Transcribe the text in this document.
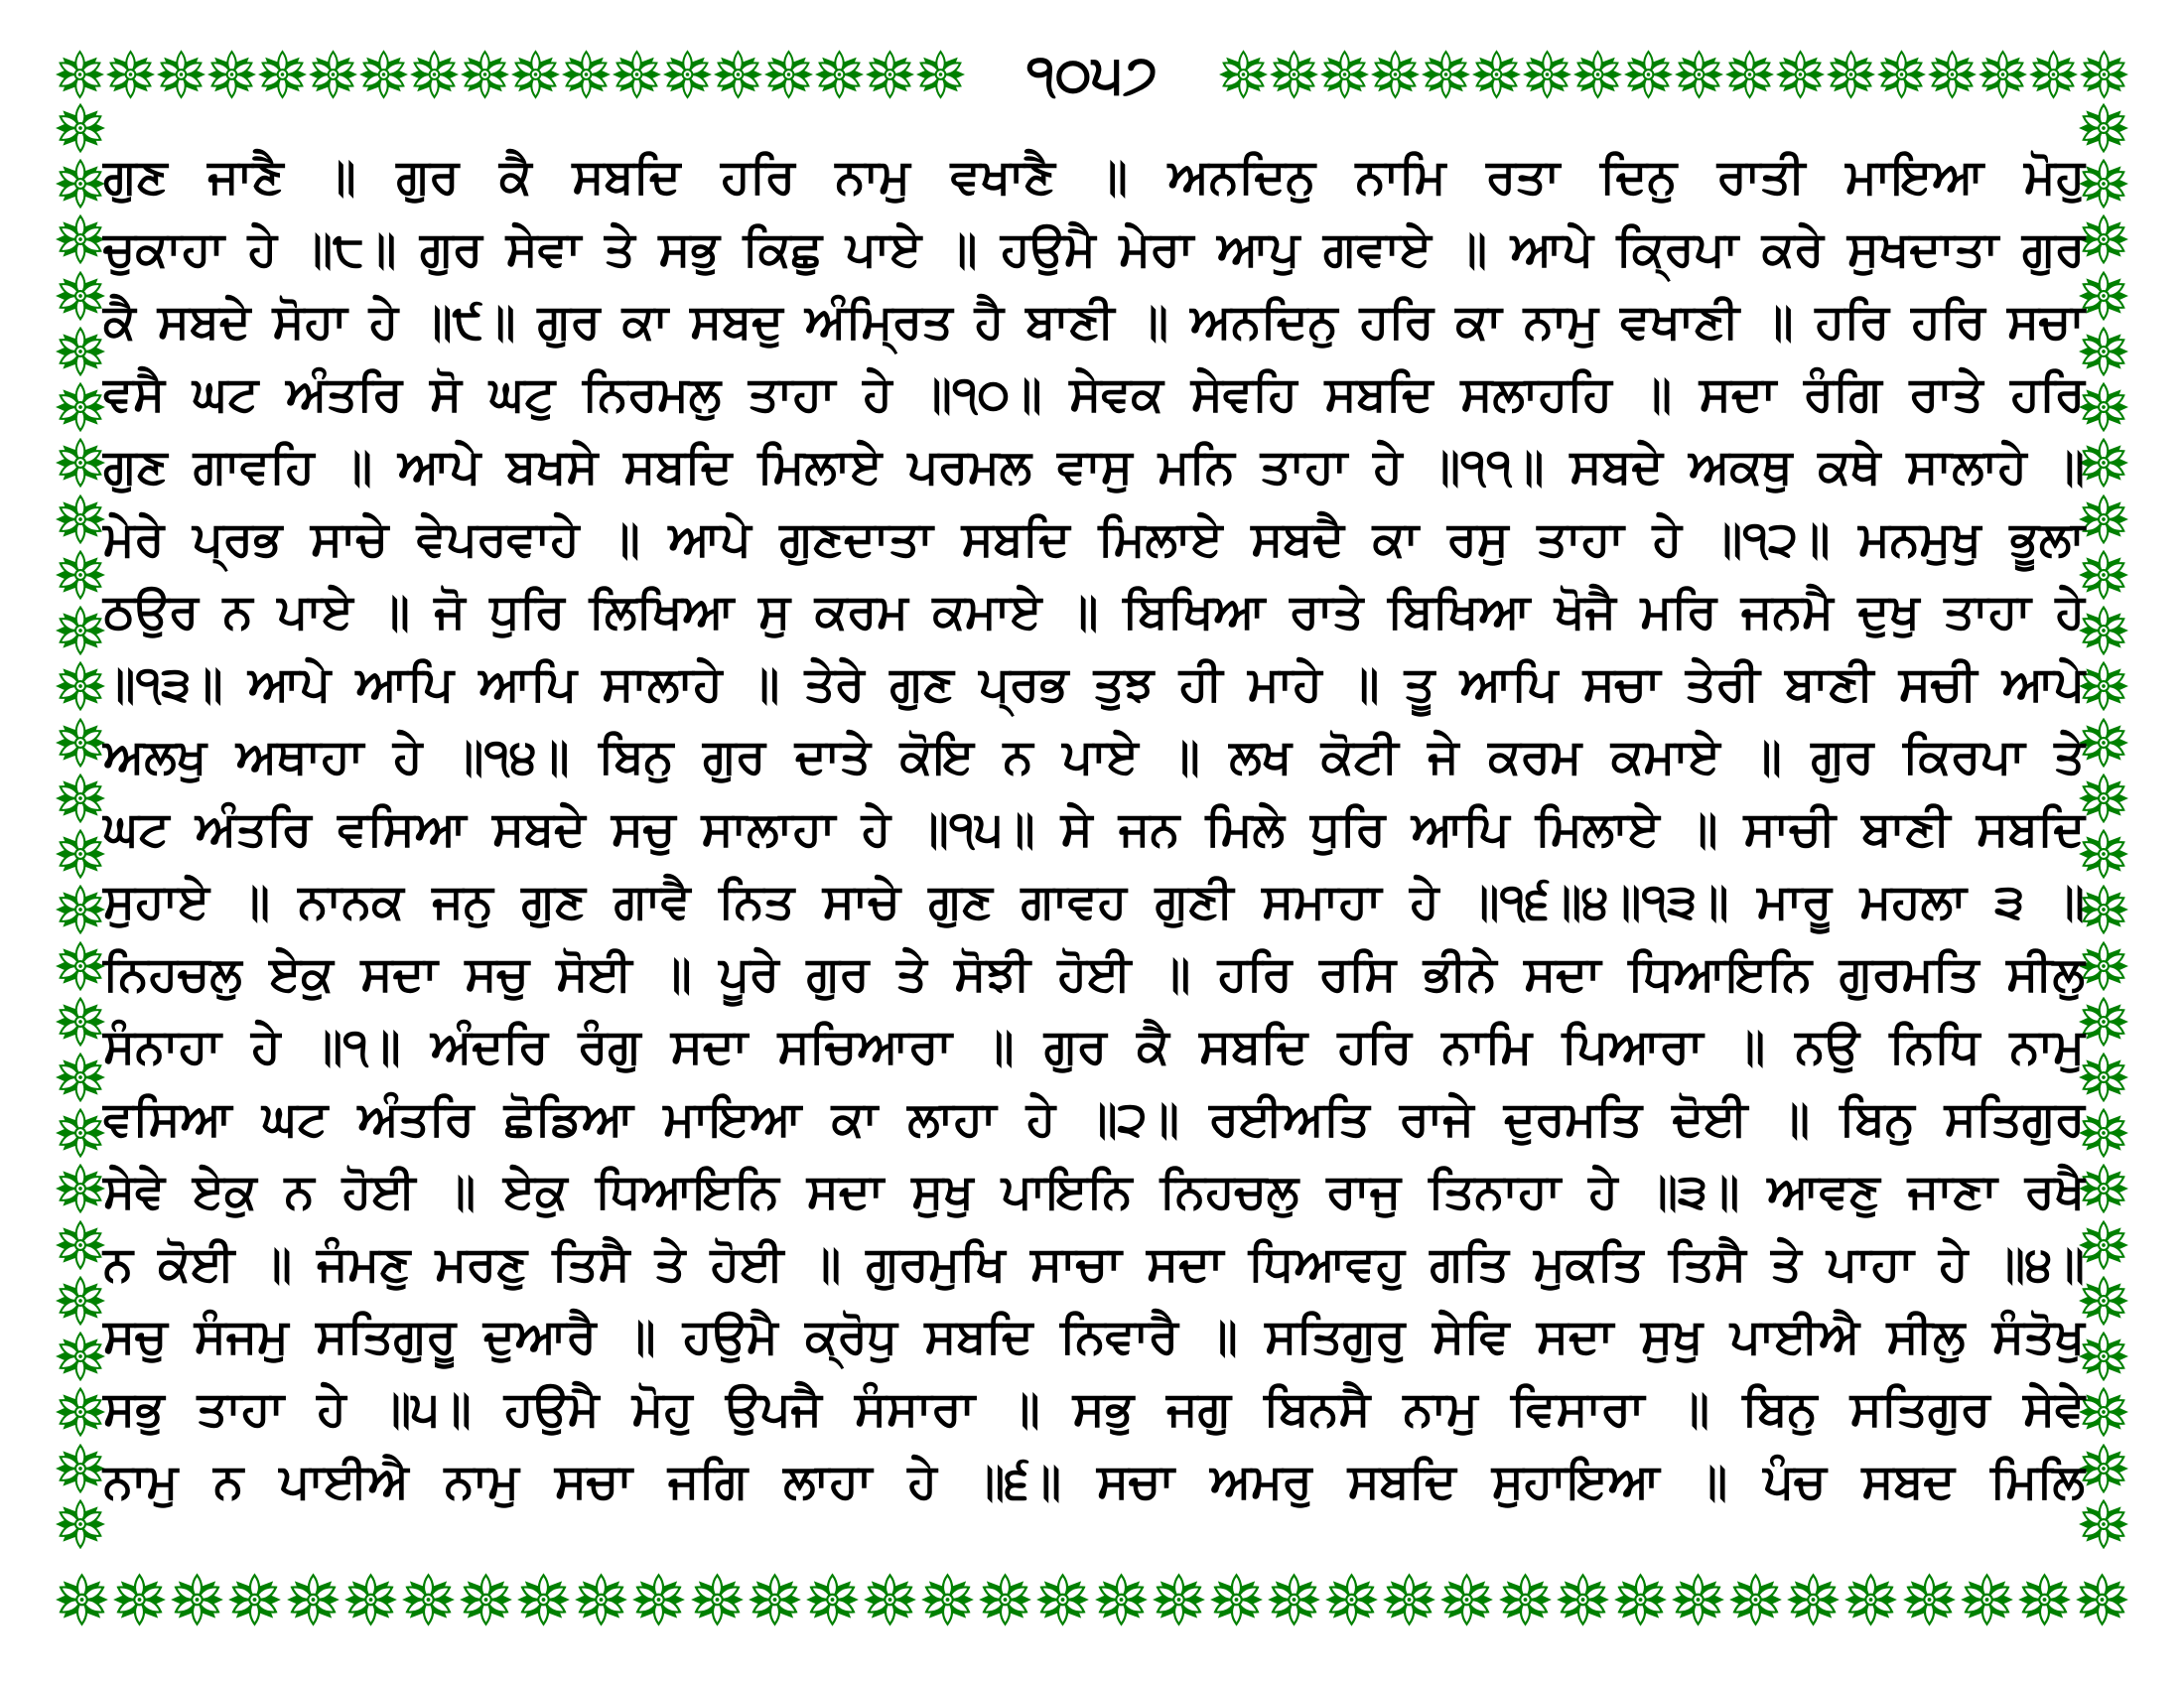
੧੦੫੭
ਗੁਣ ਜਾਣੈ ॥ ਗੁਰ ਕੈ ਸਬਦਿ ਹਰਿ ਨਾਮੁ ਵਖਾਣੈ ॥ ਅਨਦਿਨੁ ਨਾਮਿ ਰਤਾ ਦਿਨੁ ਰਾਤੀ ਮਾਇਆ ਮੋਹੁ
ਚੁਕਾਹਾ ਹੇ ॥੮॥ ਗੁਰ ਸੇਵਾ ਤੇ ਸਭੁ ਕਿਛੁ ਪਾਏ ॥ ਹਉਮੈ ਮੇਰਾ ਆਪੁ ਗਵਾਏ ॥ ਆਪੇ ਕ੍ਰਿਪਾ ਕਰੇ ਸੁਖਦਾਤਾ ਗੁਰ
ਕੈ ਸਬਦੇ ਸੋਹਾ ਹੇ ॥੯॥ ਗੁਰ ਕਾ ਸਬਦੁ ਅੰਮ੍ਰਿਤ ਹੈ ਬਾਣੀ ॥ ਅਨਦਿਨੁ ਹਰਿ ਕਾ ਨਾਮੁ ਵਖਾਣੀ ॥ ਹਰਿ ਹਰਿ ਸਚਾ
ਵਸੈ ਘਟ ਅੰਤਰਿ ਸੋ ਘਟੁ ਨਿਰਮਲੁ ਤਾਹਾ ਹੇ ॥੧੦॥ ਸੇਵਕ ਸੇਵਹਿ ਸਬਦਿ ਸਲਾਹਹਿ ॥ ਸਦਾ ਰੰਗਿ ਰਾਤੇ ਹਰਿ
ਗੁਣ ਗਾਵਹਿ ॥ ਆਪੇ ਬਖਸੇ ਸਬਦਿ ਮਿਲਾਏ ਪਰਮਲ ਵਾਸੁ ਮਨਿ ਤਾਹਾ ਹੇ ॥੧੧॥ ਸਬਦੇ ਅਕਥੁ ਕਥੇ ਸਾਲਾਹੇ ॥
ਮੇਰੇ ਪ੍ਰਭ ਸਾਚੇ ਵੇਪਰਵਾਹੇ ॥ ਆਪੇ ਗੁਣਦਾਤਾ ਸਬਦਿ ਮਿਲਾਏ ਸਬਦੈ ਕਾ ਰਸੁ ਤਾਹਾ ਹੇ ॥੧੨॥ ਮਨਮੁਖੁ ਭੂਲਾ
ਠਉਰ ਨ ਪਾਏ ॥ ਜੋ ਧੁਰਿ ਲਿਖਿਆ ਸੁ ਕਰਮ ਕਮਾਏ ॥ ਬਿਖਿਆ ਰਾਤੇ ਬਿਖਿਆ ਖੋਜੈ ਮਰਿ ਜਨਮੈ ਦੁਖੁ ਤਾਹਾ ਹੇ
॥੧੩॥ ਆਪੇ ਆਪਿ ਆਪਿ ਸਾਲਾਹੇ ॥ ਤੇਰੇ ਗੁਣ ਪ੍ਰਭ ਤੁਝ ਹੀ ਮਾਹੇ ॥ ਤੂ ਆਪਿ ਸਚਾ ਤੇਰੀ ਬਾਣੀ ਸਚੀ ਆਪੇ
ਅਲਖੁ ਅਥਾਹਾ ਹੇ ॥੧੪॥ ਬਿਨੁ ਗੁਰ ਦਾਤੇ ਕੋਇ ਨ ਪਾਏ ॥ ਲਖ ਕੋਟੀ ਜੇ ਕਰਮ ਕਮਾਏ ॥ ਗੁਰ ਕਿਰਪਾ ਤੇ
ਘਟ ਅੰਤਰਿ ਵਸਿਆ ਸਬਦੇ ਸਚੁ ਸਾਲਾਹਾ ਹੇ ॥੧੫॥ ਸੇ ਜਨ ਮਿਲੇ ਧੁਰਿ ਆਪਿ ਮਿਲਾਏ ॥ ਸਾਚੀ ਬਾਣੀ ਸਬਦਿ
ਸੁਹਾਏ ॥ ਨਾਨਕ ਜਨੁ ਗੁਣ ਗਾਵੈ ਨਿਤ ਸਾਚੇ ਗੁਣ ਗਾਵਹ ਗੁਣੀ ਸਮਾਹਾ ਹੇ ॥੧੬॥੪॥੧੩॥ ਮਾਰੂ ਮਹਲਾ ੩ ॥
ਨਿਹਚਲੁ ਏਕੁ ਸਦਾ ਸਚੁ ਸੋਈ ॥ ਪੂਰੇ ਗੁਰ ਤੇ ਸੋਝੀ ਹੋਈ ॥ ਹਰਿ ਰਸਿ ਭੀਨੇ ਸਦਾ ਧਿਆਇਨਿ ਗੁਰਮਤਿ ਸੀਲੁ
ਸੰਨਾਹਾ ਹੇ ॥੧॥ ਅੰਦਰਿ ਰੰਗੁ ਸਦਾ ਸਚਿਆਰਾ ॥ ਗੁਰ ਕੈ ਸਬਦਿ ਹਰਿ ਨਾਮਿ ਪਿਆਰਾ ॥ ਨਉ ਨਿਧਿ ਨਾਮੁ
ਵਸਿਆ ਘਟ ਅੰਤਰਿ ਛੋਡਿਆ ਮਾਇਆ ਕਾ ਲਾਹਾ ਹੇ ॥੨॥ ਰਈਅਤਿ ਰਾਜੇ ਦੁਰਮਤਿ ਦੋਈ ॥ ਬਿਨੁ ਸਤਿਗੁਰ
ਸੇਵੇ ਏਕੁ ਨ ਹੋਈ ॥ ਏਕੁ ਧਿਆਇਨਿ ਸਦਾ ਸੁਖੁ ਪਾਇਨਿ ਨਿਹਚਲੁ ਰਾਜੁ ਤਿਨਾਹਾ ਹੇ ॥੩॥ ਆਵਣੁ ਜਾਣਾ ਰਖੈ
ਨ ਕੋਈ ॥ ਜੰਮਣੁ ਮਰਣੁ ਤਿਸੈ ਤੇ ਹੋਈ ॥ ਗੁਰਮੁਖਿ ਸਾਚਾ ਸਦਾ ਧਿਆਵਹੁ ਗਤਿ ਮੁਕਤਿ ਤਿਸੈ ਤੇ ਪਾਹਾ ਹੇ ॥੪॥
ਸਚੁ ਸੰਜਮੁ ਸਤਿਗੁਰੂ ਦੁਆਰੈ ॥ ਹਉਮੈ ਕ੍ਰੋਧੁ ਸਬਦਿ ਨਿਵਾਰੈ ॥ ਸਤਿਗੁਰੁ ਸੇਵਿ ਸਦਾ ਸੁਖੁ ਪਾਈਐ ਸੀਲੁ ਸੰਤੋਖੁ
ਸਭੁ ਤਾਹਾ ਹੇ ॥੫॥ ਹਉਮੈ ਮੋਹੁ ਉਪਜੈ ਸੰਸਾਰਾ ॥ ਸਭੁ ਜਗੁ ਬਿਨਸੈ ਨਾਮੁ ਵਿਸਾਰਾ ॥ ਬਿਨੁ ਸਤਿਗੁਰ ਸੇਵੇ
ਨਾਮੁ ਨ ਪਾਈਐ ਨਾਮੁ ਸਚਾ ਜਗਿ ਲਾਹਾ ਹੇ ॥੬॥ ਸਚਾ ਅਮਰੁ ਸਬਦਿ ਸੁਹਾਇਆ ॥ ਪੰਚ ਸਬਦ ਮਿਲਿ
